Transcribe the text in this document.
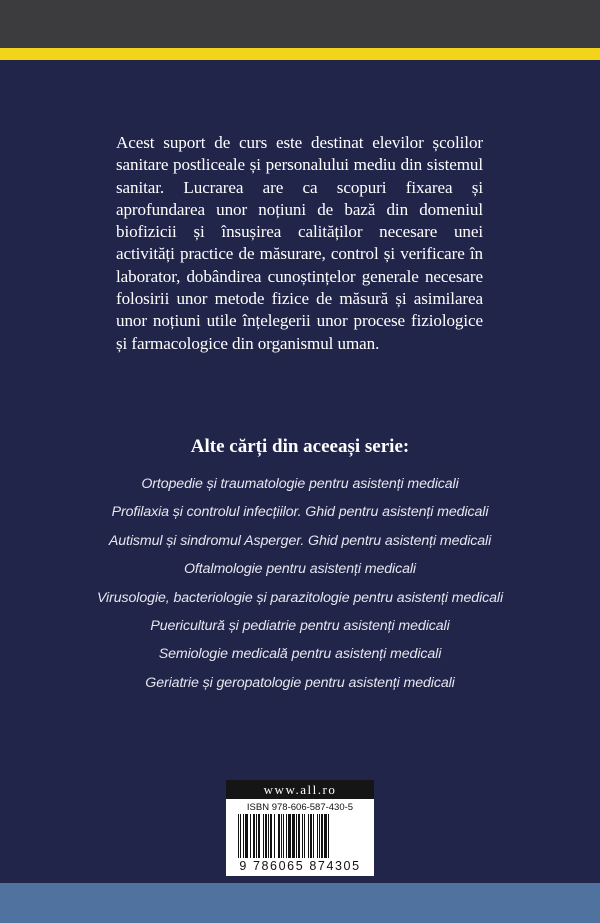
Acest suport de curs este destinat elevilor școlilor sanitare postliceale și personalului mediu din sistemul sanitar. Lucrarea are ca scopuri fixarea și aprofundarea unor noțiuni de bază din domeniul biofizicii și însușirea calităților necesare unei activități practice de măsurare, control și verificare în laborator, dobândirea cunoștințelor generale necesare folosirii unor metode fizice de măsură și asimilarea unor noțiuni utile înțelegerii unor procese fiziologice și farmacologice din organismul uman.

Alte cărți din aceeași serie:
Ortopedie și traumatologie pentru asistenți medicali
Profilaxia și controlul infecțiilor. Ghid pentru asistenți medicali
Autismul și sindromul Asperger. Ghid pentru asistenți medicali
Oftalmologie pentru asistenți medicali
Virusologie, bacteriologie și parazitologie pentru asistenți medicali
Puericultură și pediatrie pentru asistenți medicali
Semiologie medicală pentru asistenți medicali
Geriatrie și geropatologie pentru asistenți medicali
www.all.ro
ISBN 978-606-587-430-5
9 786065 874305
